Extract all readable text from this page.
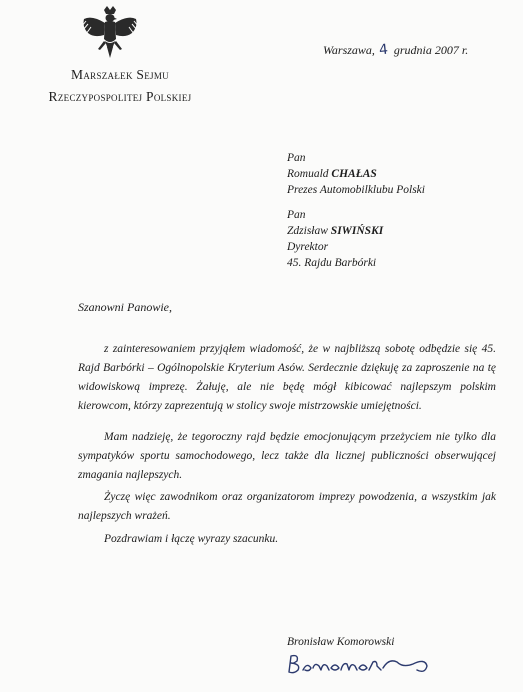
Marszałek Sejmu
Rzeczypospolitej Polskiej
Warszawa, 4 grudnia 2007 r.
Pan
Romuald CHAŁAS
Prezes Automobilklubu Polski
Pan
Zdzisław SIWIŃSKI
Dyrektor
45. Rajdu Barbórki
Szanowni Panowie,

z zainteresowaniem przyjąłem wiadomość, że w najbliższą sobotę odbędzie się 45. Rajd Barbórki – Ogólnopolskie Kryterium Asów. Serdecznie dziękuję za zaproszenie na tę widowiskową imprezę. Żałuję, ale nie będę mógł kibicować najlepszym polskim kierowcom, którzy zaprezentują w stolicy swoje mistrzowskie umiejętności.

Mam nadzieję, że tegoroczny rajd będzie emocjonującym przeżyciem nie tylko dla sympatyków sportu samochodowego, lecz także dla licznej publiczności obserwującej zmagania najlepszych.

Życzę więc zawodnikom oraz organizatorom imprezy powodzenia, a wszystkim jak najlepszych wrażeń.

Pozdrawiam i łączę wyrazy szacunku.

Bronisław Komorowski
